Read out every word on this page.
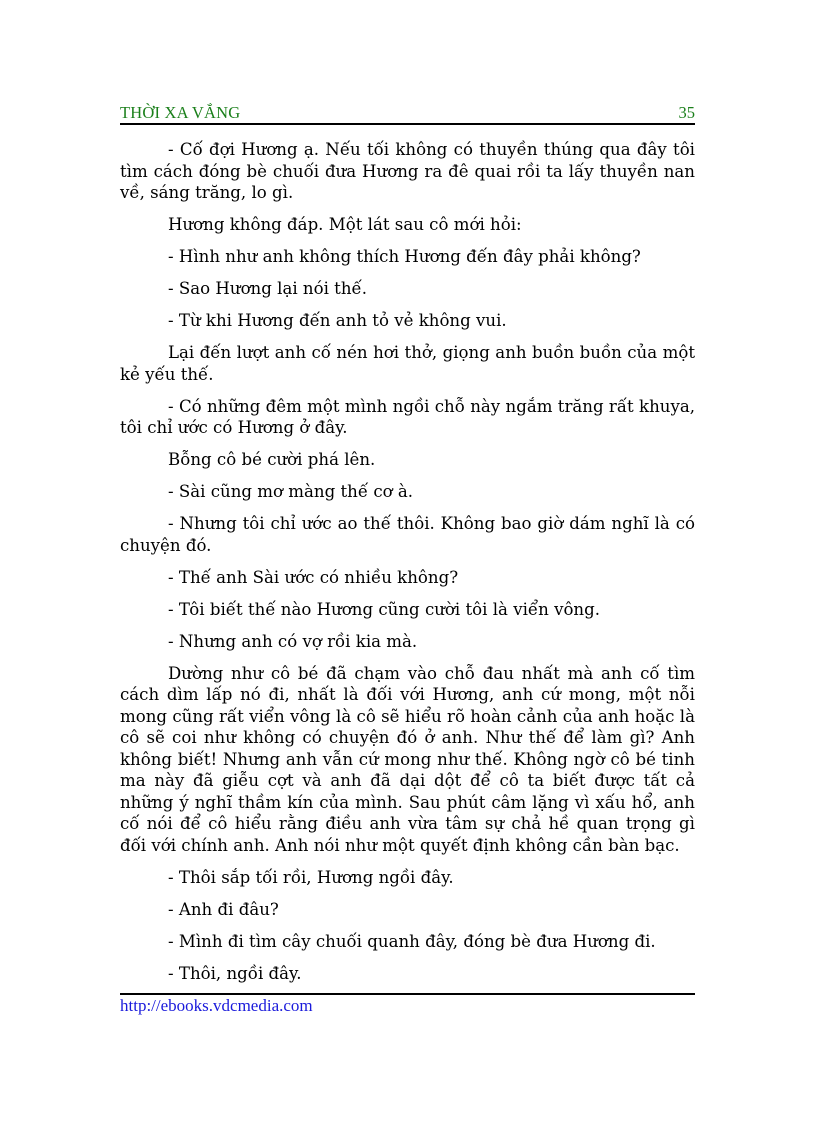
THỜI XA VẮNG	35

- Cố đợi Hương ạ. Nếu tối không có thuyền thúng qua đây tôi tìm cách đóng bè chuối đưa Hương ra đê quai rồi ta lấy thuyền nan về, sáng trăng, lo gì.

Hương không đáp. Một lát sau cô mới hỏi:

- Hình như anh không thích Hương đến đây phải không?

- Sao Hương lại nói thế.

- Từ khi Hương đến anh tỏ vẻ không vui.

Lại đến lượt anh cố nén hơi thở, giọng anh buồn buồn của một kẻ yếu thế.

- Có những đêm một mình ngồi chỗ này ngắm trăng rất khuya, tôi chỉ ước có Hương ở đây.

Bỗng cô bé cười phá lên.

- Sài cũng mơ màng thế cơ à.

- Nhưng tôi chỉ ước ao thế thôi. Không bao giờ dám nghĩ là có chuyện đó.

- Thế anh Sài ước có nhiều không?

- Tôi biết thế nào Hương cũng cười tôi là viển vông.

- Nhưng anh có vợ rồi kia mà.

Dường như cô bé đã chạm vào chỗ đau nhất mà anh cố tìm cách dìm lấp nó đi, nhất là đối với Hương, anh cứ mong, một nỗi mong cũng rất viển vông là cô sẽ hiểu rõ hoàn cảnh của anh hoặc là cô sẽ coi như không có chuyện đó ở anh. Như thế để làm gì? Anh không biết! Nhưng anh vẫn cứ mong như thế. Không ngờ cô bé tinh ma này đã giễu cợt và anh đã dại dột để cô ta biết được tất cả những ý nghĩ thầm kín của mình. Sau phút câm lặng vì xấu hổ, anh cố nói để cô hiểu rằng điều anh vừa tâm sự chả hề quan trọng gì đối với chính anh. Anh nói như một quyết định không cần bàn bạc.

- Thôi sắp tối rồi, Hương ngồi đây.

- Anh đi đâu?

- Mình đi tìm cây chuối quanh đây, đóng bè đưa Hương đi.

- Thôi, ngồi đây.

http://ebooks.vdcmedia.com
